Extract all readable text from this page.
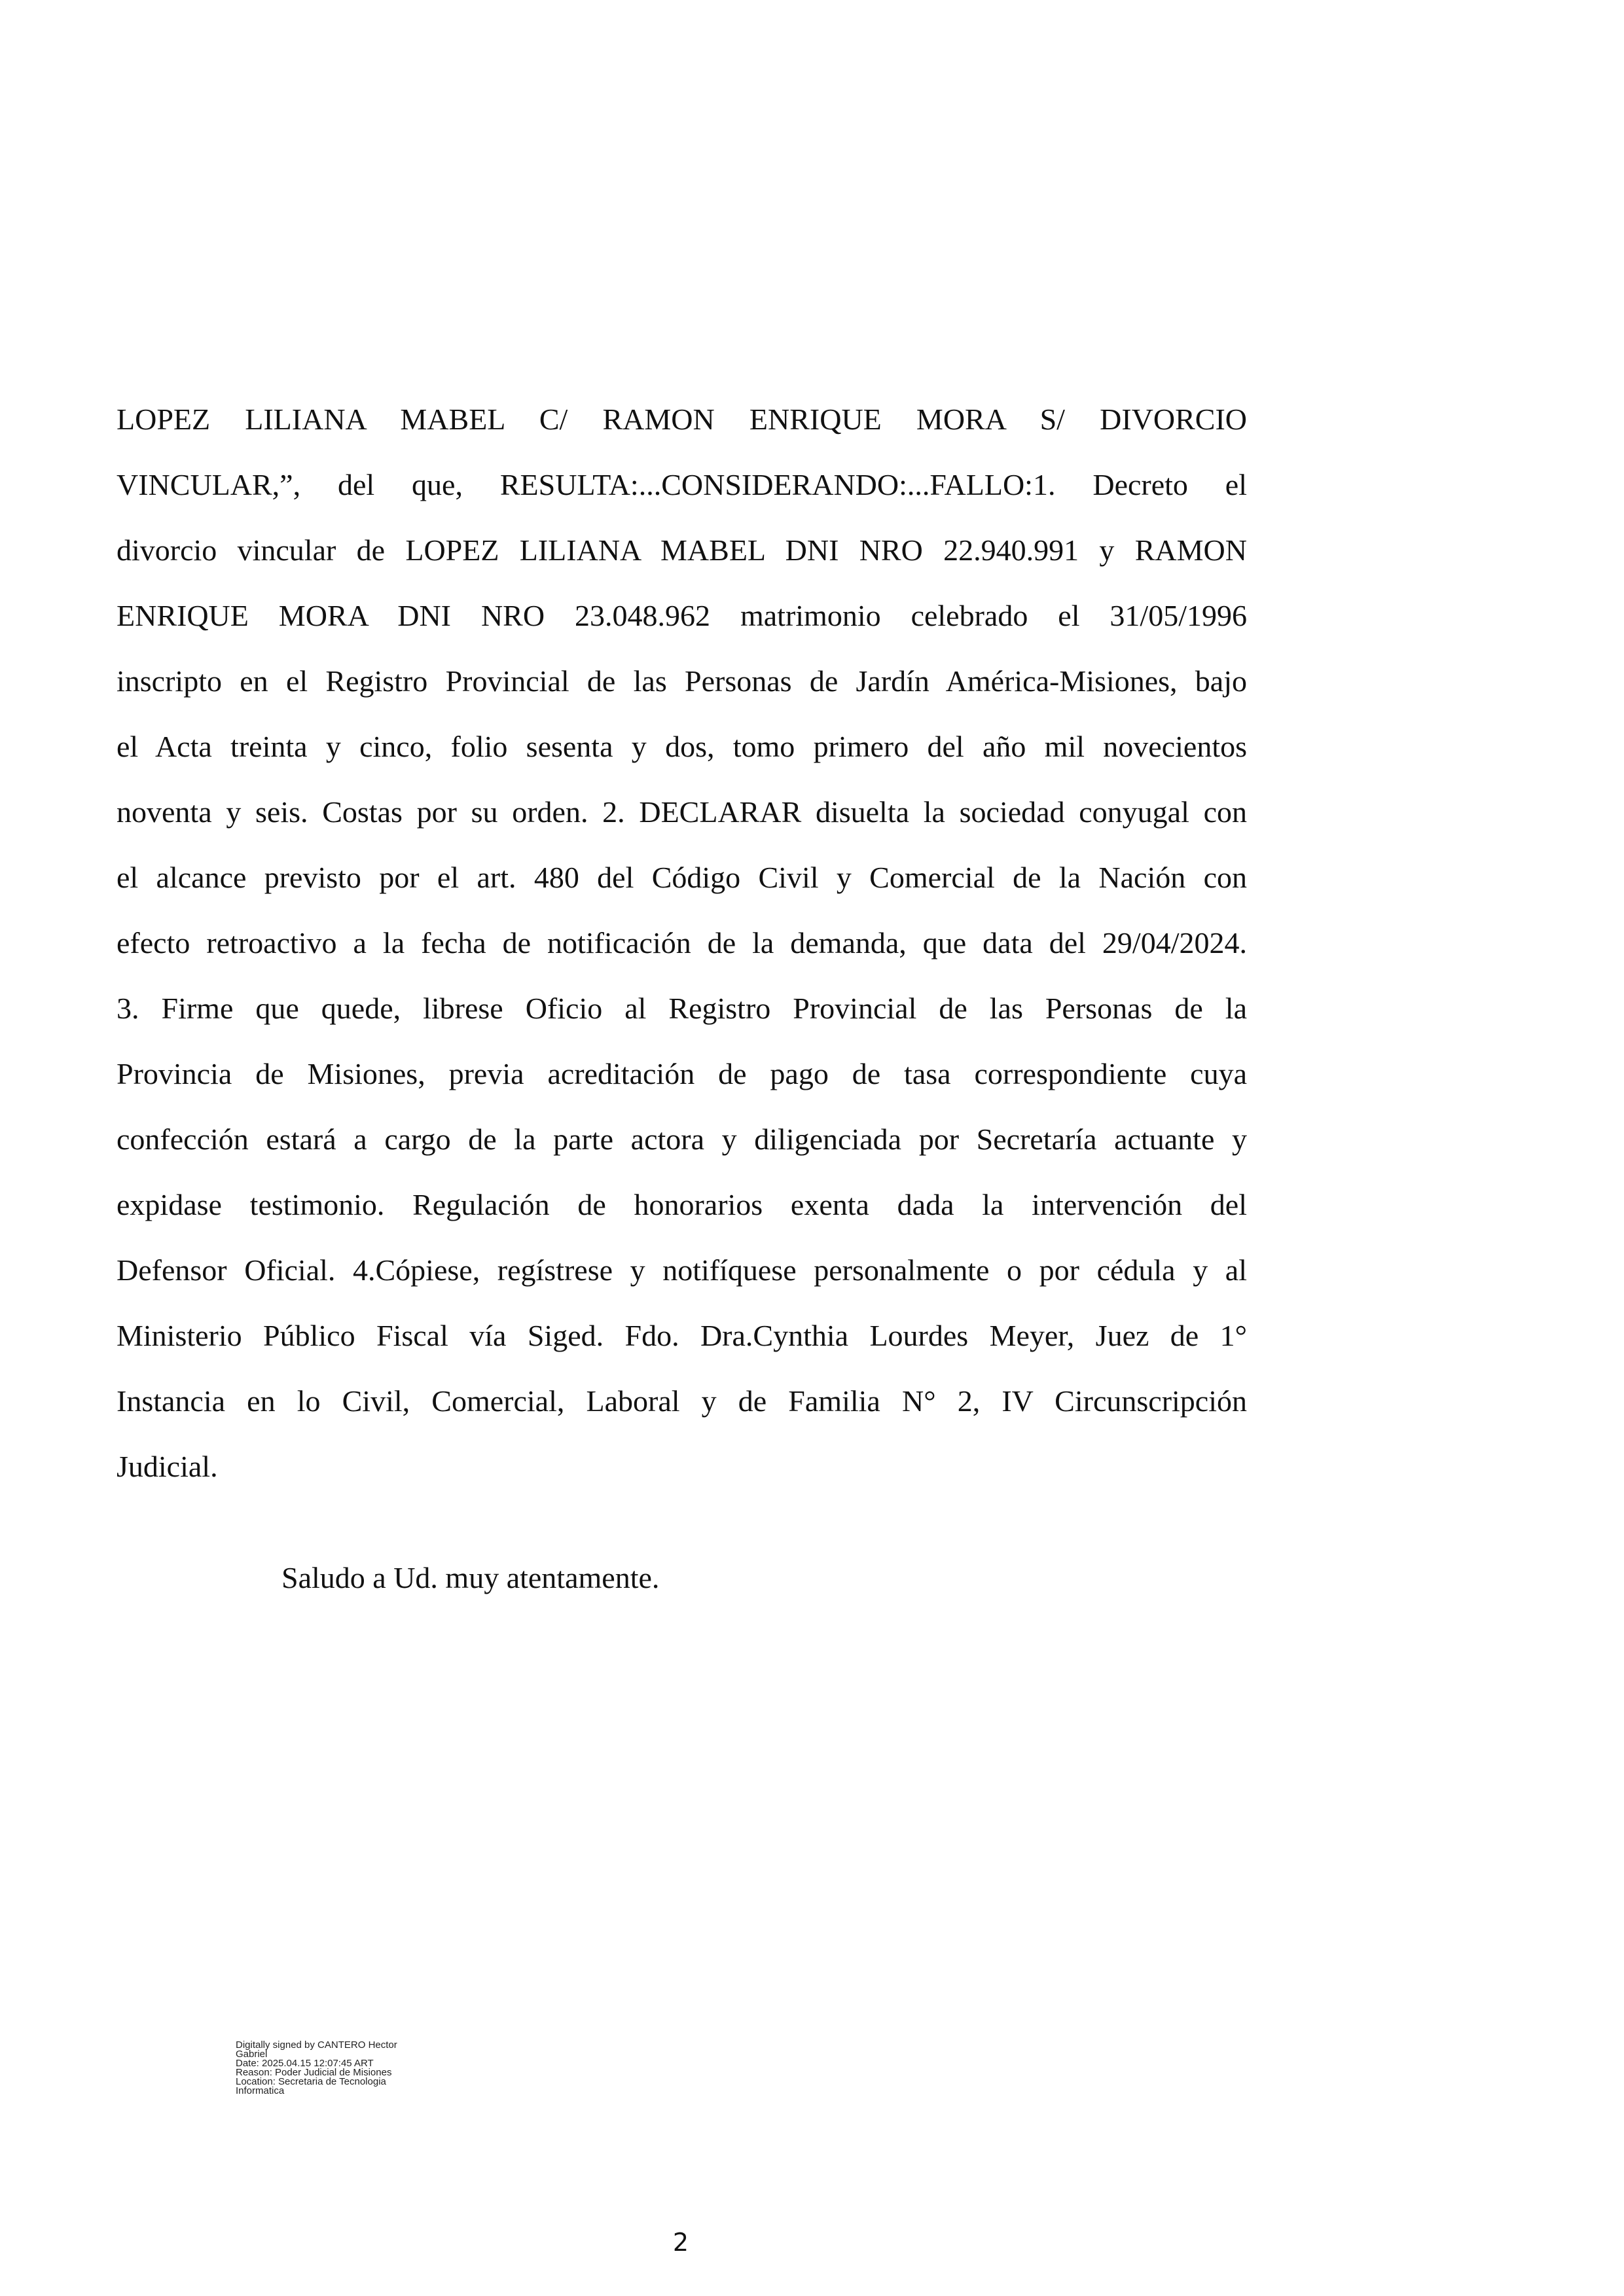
LOPEZ LILIANA MABEL C/ RAMON ENRIQUE MORA S/ DIVORCIO
VINCULAR,”, del que, RESULTA:...CONSIDERANDO:...FALLO:1. Decreto el
divorcio vincular de LOPEZ LILIANA MABEL DNI NRO 22.940.991 y RAMON
ENRIQUE MORA DNI NRO 23.048.962 matrimonio celebrado el 31/05/1996
inscripto en el Registro Provincial de las Personas de Jardín América-Misiones, bajo
el Acta treinta y cinco, folio sesenta y dos, tomo primero del año mil novecientos
noventa y seis. Costas por su orden. 2. DECLARAR disuelta la sociedad conyugal con
el alcance previsto por el art. 480 del Código Civil y Comercial de la Nación con
efecto retroactivo a la fecha de notificación de la demanda, que data del 29/04/2024.
3. Firme que quede, librese Oficio al Registro Provincial de las Personas de la
Provincia de Misiones, previa acreditación de pago de tasa correspondiente cuya
confección estará a cargo de la parte actora y diligenciada por Secretaría actuante y
expidase testimonio. Regulación de honorarios exenta dada la intervención del
Defensor Oficial. 4.Cópiese, regístrese y notifíquese personalmente o por cédula y al
Ministerio Público Fiscal vía Siged. Fdo. Dra.Cynthia Lourdes Meyer, Juez de 1°
Instancia en lo Civil, Comercial, Laboral y de Familia N° 2, IV Circunscripción
Judicial.
Saludo a Ud. muy atentamente.
Digitally signed by CANTERO Hector
Gabriel
Date: 2025.04.15 12:07:45 ART
Reason: Poder Judicial de Misiones
Location: Secretaria de Tecnologia
Informatica
2
